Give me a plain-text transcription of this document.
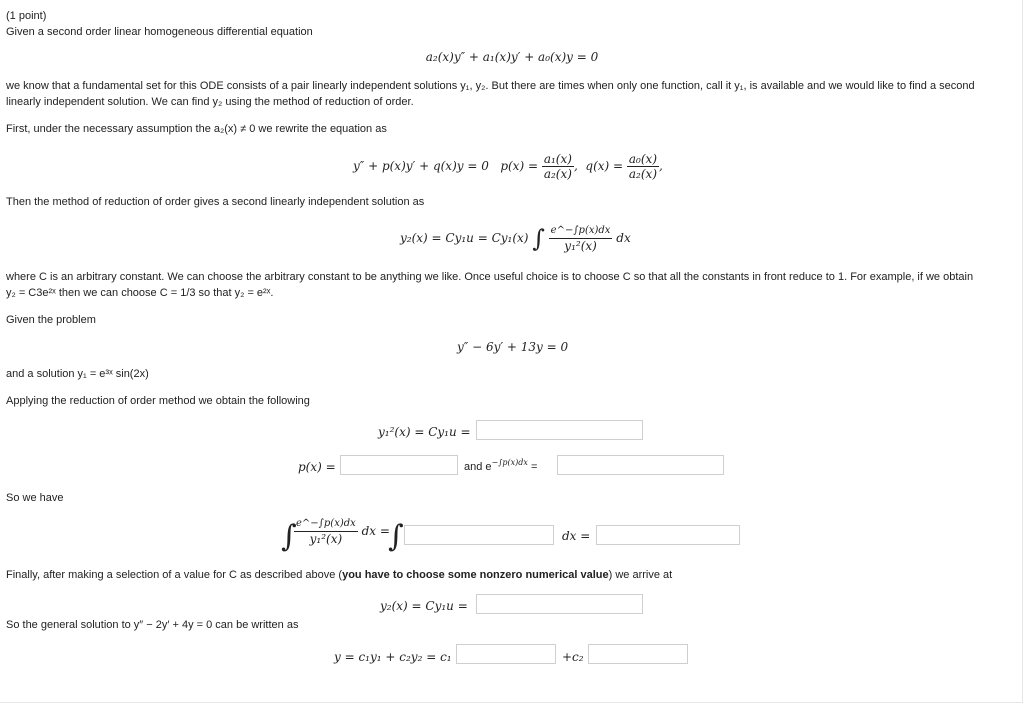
(1 point)
Given a second order linear homogeneous differential equation
a₂(x)y″ + a₁(x)y′ + a₀(x)y = 0
we know that a fundamental set for this ODE consists of a pair linearly independent solutions y₁, y₂. But there are times when only one function, call it y₁, is available and we would like to find a second
linearly independent solution. We can find y₂ using the method of reduction of order.
First, under the necessary assumption the a₂(x) ≠ 0 we rewrite the equation as
y″ + p(x)y′ + q(x)y = 0 $p(x) = \frac{\text{a₁(x)}}{\text{a₂(x)}}$ ,  $q(x) = \frac{\text{a₀(x)}}{\text{a₂(x)}}$ ,
Then the method of reduction of order gives a second linearly independent solution as
y₂(x) = Cy₁u = Cy₁(x) ∫ $\frac{e\^{}-\int p(x)dx}{\text{y₁²(x)}}$ dx
where C is an arbitrary constant. We can choose the arbitrary constant to be anything we like. Once useful choice is to choose C so that all the constants in front reduce to 1. For example, if we obtain
y₂ = C3e²ˣ then we can choose C = 1/3 so that y₂ = e²ˣ.
Given the problem
y″ − 6y′ + 13y = 0
and a solution y₁ = e³ˣ sin(2x)
Applying the reduction of order method we obtain the following
y₁²(x) = Cy₁u =
p(x) =	and $e^{-\int p(x)dx}$ =
So we have
∫
$\frac{e\^{}-\int p(x)dx}{\text{y₁²(x)}}$ dx =
∫	dx =
Finally, after making a selection of a value for C as described above (you have to choose some nonzero numerical value) we arrive at
y₂(x) = Cy₁u =
So the general solution to y″ − 2y′ + 4y = 0 can be written as
y = c₁y₁ + c₂y₂ = c₁	+c₂
